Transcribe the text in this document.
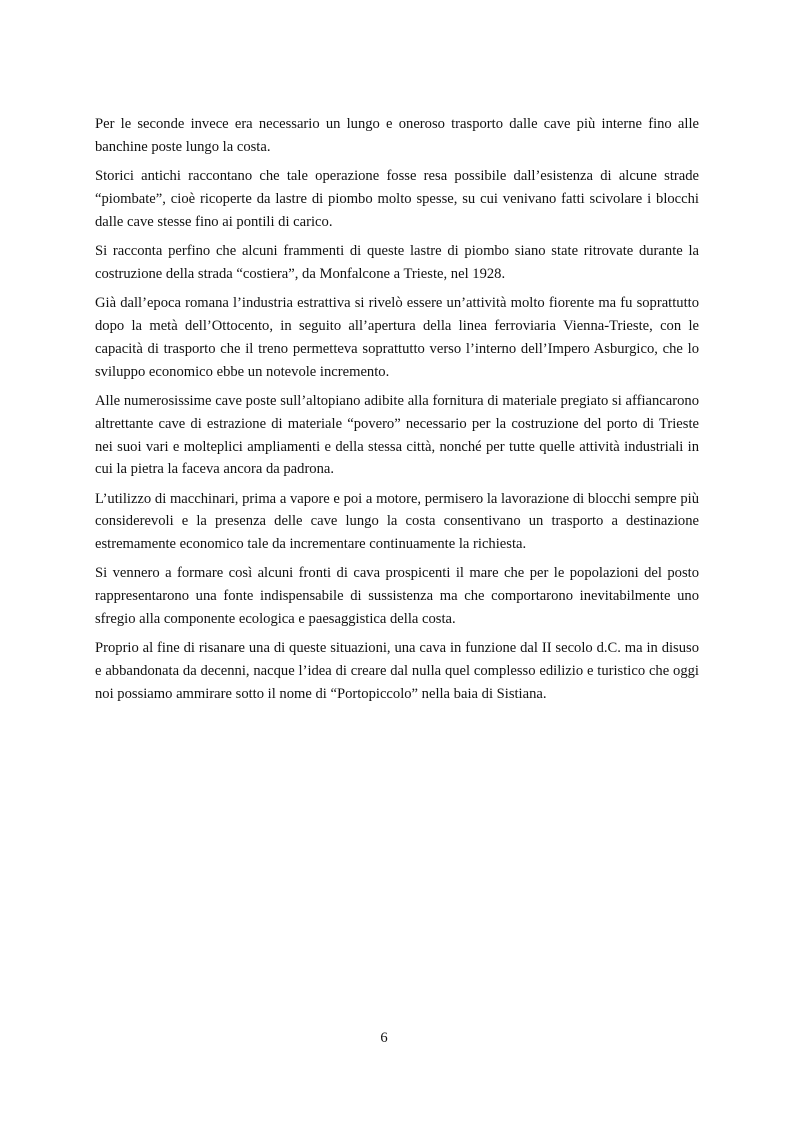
Per le seconde invece era necessario un lungo e oneroso trasporto dalle cave più interne fino alle banchine poste lungo la costa.

Storici antichi raccontano che tale operazione fosse resa possibile dall’esistenza di alcune strade “piombate”, cioè ricoperte da lastre di piombo molto spesse, su cui venivano fatti scivolare i blocchi dalle cave stesse fino ai pontili di carico.

Si racconta perfino che alcuni frammenti di queste lastre di piombo siano state ritrovate durante la costruzione della strada “costiera”, da Monfalcone a Trieste, nel 1928.

Già dall’epoca romana l’industria estrattiva si rivelò essere un’attività molto fiorente ma fu soprattutto dopo la metà dell’Ottocento, in seguito all’apertura della linea ferroviaria Vienna-Trieste, con le capacità di trasporto che il treno permetteva soprattutto verso l’interno dell’Impero Asburgico, che lo sviluppo economico ebbe un notevole incremento.

Alle numerosissime cave poste sull’altopiano adibite alla fornitura di materiale pregiato si affiancarono altrettante cave di estrazione di materiale “povero” necessario per la costruzione del porto di Trieste nei suoi vari e molteplici ampliamenti e della stessa città, nonché per tutte quelle attività industriali in cui la pietra la faceva ancora da padrona.

L’utilizzo di macchinari, prima a vapore e poi a motore, permisero la lavorazione di blocchi sempre più considerevoli e la presenza delle cave lungo la costa consentivano un trasporto a destinazione estremamente economico tale da incrementare continuamente la richiesta.

Si vennero a formare così alcuni fronti di cava prospicenti il mare che per le popolazioni del posto rappresentarono una fonte indispensabile di sussistenza ma che comportarono inevitabilmente uno sfregio alla componente ecologica e paesaggistica della costa.

Proprio al fine di risanare una di queste situazioni, una cava in funzione dal II secolo d.C. ma in disuso e abbandonata da decenni, nacque l’idea di creare dal nulla quel complesso edilizio e turistico che oggi noi possiamo ammirare sotto il nome di “Portopiccolo” nella baia di Sistiana.

6
